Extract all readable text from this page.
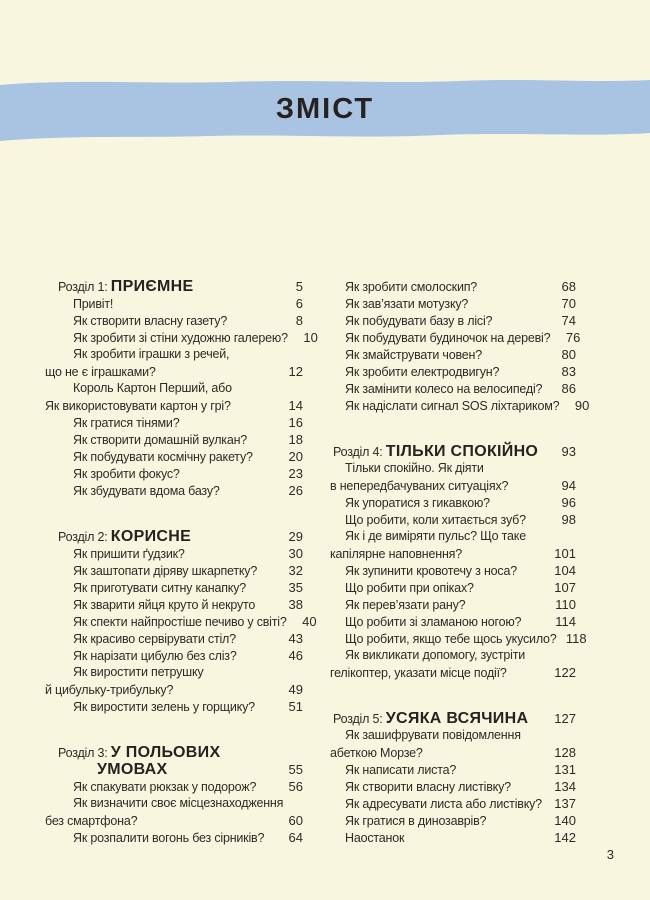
ЗМІСТ
Розділ 1: ПРИЄМНЕ	5
Привіт!	6
Як створити власну газету?	8
Як зробити зі стіни художню галерею?	10
Як зробити іграшки з речей,
що не є іграшками?	12
Король Картон Перший, або
Як використовувати картон у грі?	14
Як гратися тінями?	16
Як створити домашній вулкан?	18
Як побудувати космічну ракету?	20
Як зробити фокус?	23
Як збудувати вдома базу?	26
Розділ 2: КОРИСНЕ	29
Як пришити ґудзик?	30
Як заштопати діряву шкарпетку?	32
Як приготувати ситну канапку?	35
Як зварити яйця круто й некруто	38
Як спекти найпростіше печиво у світі?	40
Як красиво сервірувати стіл?	43
Як нарізати цибулю без сліз?	46
Як виростити петрушку
й цибульку-трибульку?	49
Як виростити зелень у горщику?	51
Розділ 3: У ПОЛЬОВИХ
УМОВАХ	55
Як спакувати рюкзак у подорож?	56
Як визначити своє місцезнаходження
без смартфона?	60
Як розпалити вогонь без сірників?	64
Як зробити смолоскип?	68
Як зав’язати мотузку?	70
Як побудувати базу в лісі?	74
Як побудувати будиночок на дереві?	76
Як змайструвати човен?	80
Як зробити електродвигун?	83
Як замінити колесо на велосипеді?	86
Як надіслати сигнал SOS ліхтариком?	90
Розділ 4: ТІЛЬКИ СПОКІЙНО	93
Тільки спокійно. Як діяти
в непередбачуваних ситуаціях?	94
Як упоратися з гикавкою?	96
Що робити, коли хитається зуб?	98
Як і де виміряти пульс? Що таке
капілярне наповнення?	101
Як зупинити кровотечу з носа?	104
Що робити при опіках?	107
Як перев’язати рану?	110
Що робити зі зламаною ногою?	114
Що робити, якщо тебе щось укусило? 118
Як викликати допомогу, зустріти
гелікоптер, указати місце події?	122
Розділ 5: УСЯКА ВСЯЧИНА	127
Як зашифрувати повідомлення
абеткою Морзе?	128
Як написати листа?	131
Як створити власну листівку?	134
Як адресувати листа або листівку? 137
Як гратися в динозаврів?	140
Наостанок	142
3
